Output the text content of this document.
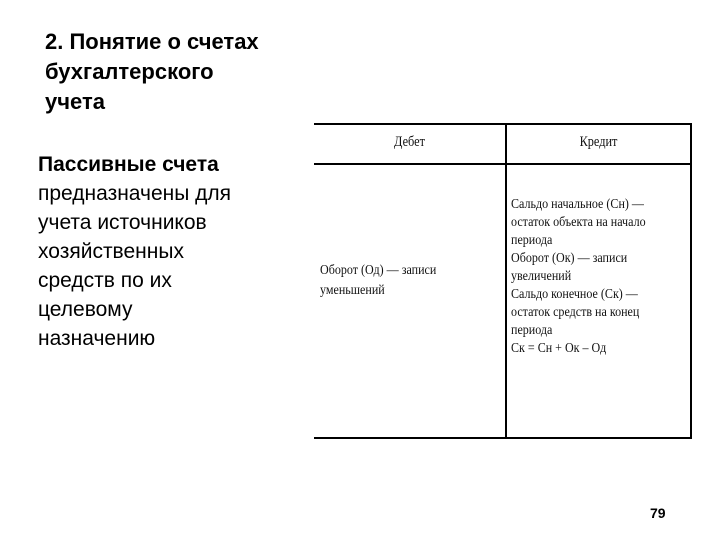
2. Понятие о счетах
бухгалтерского
учета
Пассивные счета
предназначены для
учета источников
хозяйственных
средств по их
целевому
назначению
Дебет	Кредит
Оборот (Од) — записи
уменьшений
Сальдо начальное (Сн) —
остаток объекта на начало
периода
Оборот (Ок) — записи
увеличений
Сальдо конечное (Ск) —
остаток средств на конец
периода
Ск = Сн + Ок – Од
79
